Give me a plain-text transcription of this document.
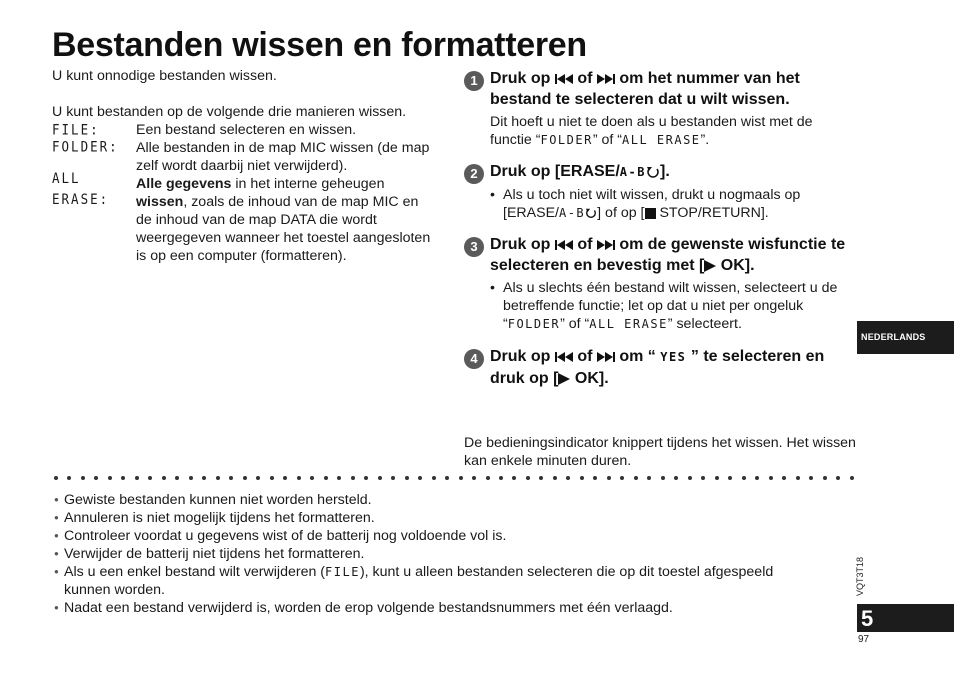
Bestanden wissen en formatteren

U kunt onnodige bestanden wissen.

U kunt bestanden op de volgende drie manieren wissen.

FILE:	Een bestand selecteren en wissen.
FOLDER:	Alle bestanden in de map MIC wissen (de map zelf wordt daarbij niet verwijderd).
ALL ERASE:
Alle gegevens in het interne geheugen wissen, zoals de inhoud van de map MIC en de inhoud van de map DATA die wordt weergegeven wanneer het toestel aangesloten is op een computer (formatteren).
1 Druk op  of  om het nummer van het bestand te selecteren dat u wilt wissen.
Dit hoeft u niet te doen als u bestanden wist met de functie “FOLDER” of “ALL ERASE”.
2 Druk op [ERASE/A-B ].
• Als u toch niet wilt wissen, drukt u nogmaals op [ERASE/A-B ] of op [ STOP/RETURN].
3 Druk op  of  om de gewenste wisfunctie te selecteren en bevestig met [ OK].
• Als u slechts één bestand wilt wissen, selecteert u de betreffende functie; let op dat u niet per ongeluk “FOLDER” of “ALL ERASE” selecteert.
4 Druk op  of  om “ YES ” te selecteren en druk op [ OK].
De bedieningsindicator knippert tijdens het wissen. Het wissen kan enkele minuten duren.
● Gewiste bestanden kunnen niet worden hersteld.
● Annuleren is niet mogelijk tijdens het formatteren.
● Controleer voordat u gegevens wist of de batterij nog voldoende vol is.
● Verwijder de batterij niet tijdens het formatteren.
● Als u een enkel bestand wilt verwijderen (FILE), kunt u alleen bestanden selecteren die op dit toestel afgespeeld kunnen worden.
● Nadat een bestand verwijderd is, worden de erop volgende bestandsnummers met één verlaagd.
NEDERLANDS
VQT3T18
5
97
